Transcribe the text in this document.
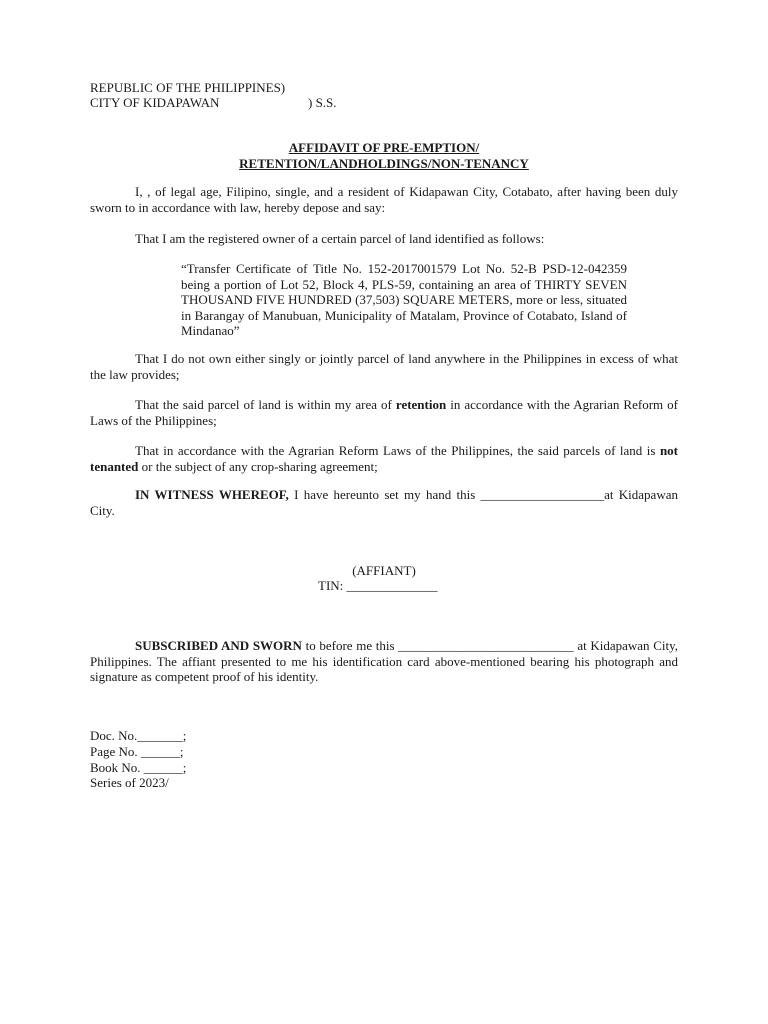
REPUBLIC OF THE PHILIPPINES)
CITY OF KIDAPAWAN	) S.S.
AFFIDAVIT OF PRE-EMPTION/
RETENTION/LANDHOLDINGS/NON-TENANCY
I, , of legal age, Filipino, single, and a resident of Kidapawan City, Cotabato, after having been duly sworn to in accordance with law, hereby depose and say:
That I am the registered owner of a certain parcel of land identified as follows:
“Transfer Certificate of Title No. 152-2017001579 Lot No. 52-B PSD-12-042359 being a portion of Lot 52, Block 4, PLS-59, containing an area of THIRTY SEVEN THOUSAND FIVE HUNDRED (37,503) SQUARE METERS, more or less, situated in Barangay of Manubuan, Municipality of Matalam, Province of Cotabato, Island of Mindanao”
That I do not own either singly or jointly parcel of land anywhere in the Philippines in excess of what the law provides;
That the said parcel of land is within my area of retention in accordance with the Agrarian Reform of Laws of the Philippines;
That in accordance with the Agrarian Reform Laws of the Philippines, the said parcels of land is not tenanted or the subject of any crop-sharing agreement;
IN WITNESS WHEREOF, I have hereunto set my hand this ___________________at Kidapawan City.
(AFFIANT)
TIN: ______________
SUBSCRIBED AND SWORN to before me this ___________________________ at Kidapawan City, Philippines. The affiant presented to me his identification card above-mentioned bearing his photograph and signature as competent proof of his identity.
Doc. No._______;
Page No. ______;
Book No. ______;
Series of 2023/
